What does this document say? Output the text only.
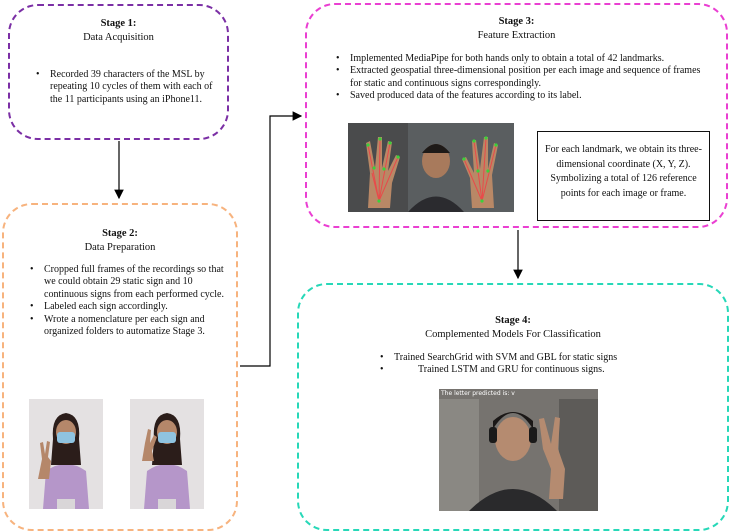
Stage 1:
Data Acquisition
• Recorded 39 characters of the MSL by repeating 10 cycles of them with each of the 11 participants using an iPhone11.
Stage 2:
Data Preparation
• Cropped full frames of the recordings so that we could obtain 29 static sign and 10 continuous signs from each performed cycle.
• Labeled each sign accordingly.
• Wrote a nomenclature per each sign and organized folders to automatize Stage 3.
Stage 3:
Feature Extraction
• Implemented MediaPipe for both hands only to obtain a total of 42 landmarks.
• Extracted geospatial three-dimensional position per each image and sequence of frames for static and continuous signs correspondingly.
• Saved produced data of the features according to its label.
For each landmark, we obtain its three-dimensional coordinate (X, Y, Z). Symbolizing a total of 126 reference points for each image or frame.
Stage 4:
Complemented Models For Classification
• Trained SearchGrid with SVM and GBL for static signs
• Trained LSTM and GRU for continuous signs.
The letter predicted is: v
